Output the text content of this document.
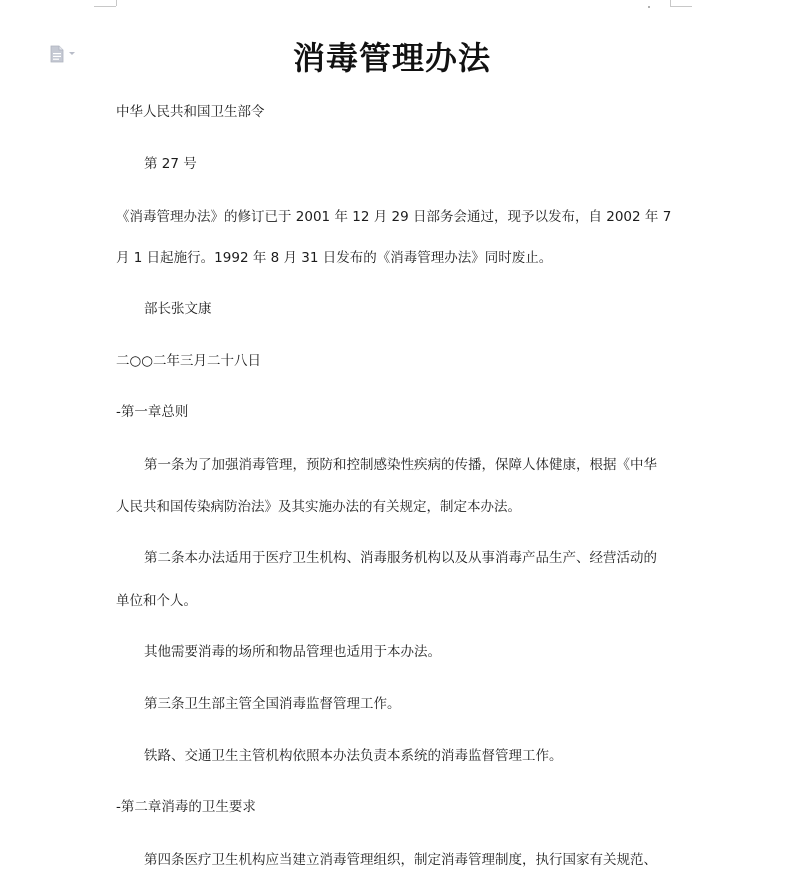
消毒管理办法
中华人民共和国卫生部令
第 27 号
《消毒管理办法》的修订已于 2001 年 12 月 29 日部务会通过，现予以发布，自 2002 年 7
月 1 日起施行。1992 年 8 月 31 日发布的《消毒管理办法》同时废止。
部长张文康
二○○二年三月二十八日
-第一章总则
第一条为了加强消毒管理，预防和控制感染性疾病的传播，保障人体健康，根据《中华
人民共和国传染病防治法》及其实施办法的有关规定，制定本办法。
第二条本办法适用于医疗卫生机构、消毒服务机构以及从事消毒产品生产、经营活动的
单位和个人。
其他需要消毒的场所和物品管理也适用于本办法。
第三条卫生部主管全国消毒监督管理工作。
铁路、交通卫生主管机构依照本办法负责本系统的消毒监督管理工作。
-第二章消毒的卫生要求
第四条医疗卫生机构应当建立消毒管理组织，制定消毒管理制度，执行国家有关规范、
